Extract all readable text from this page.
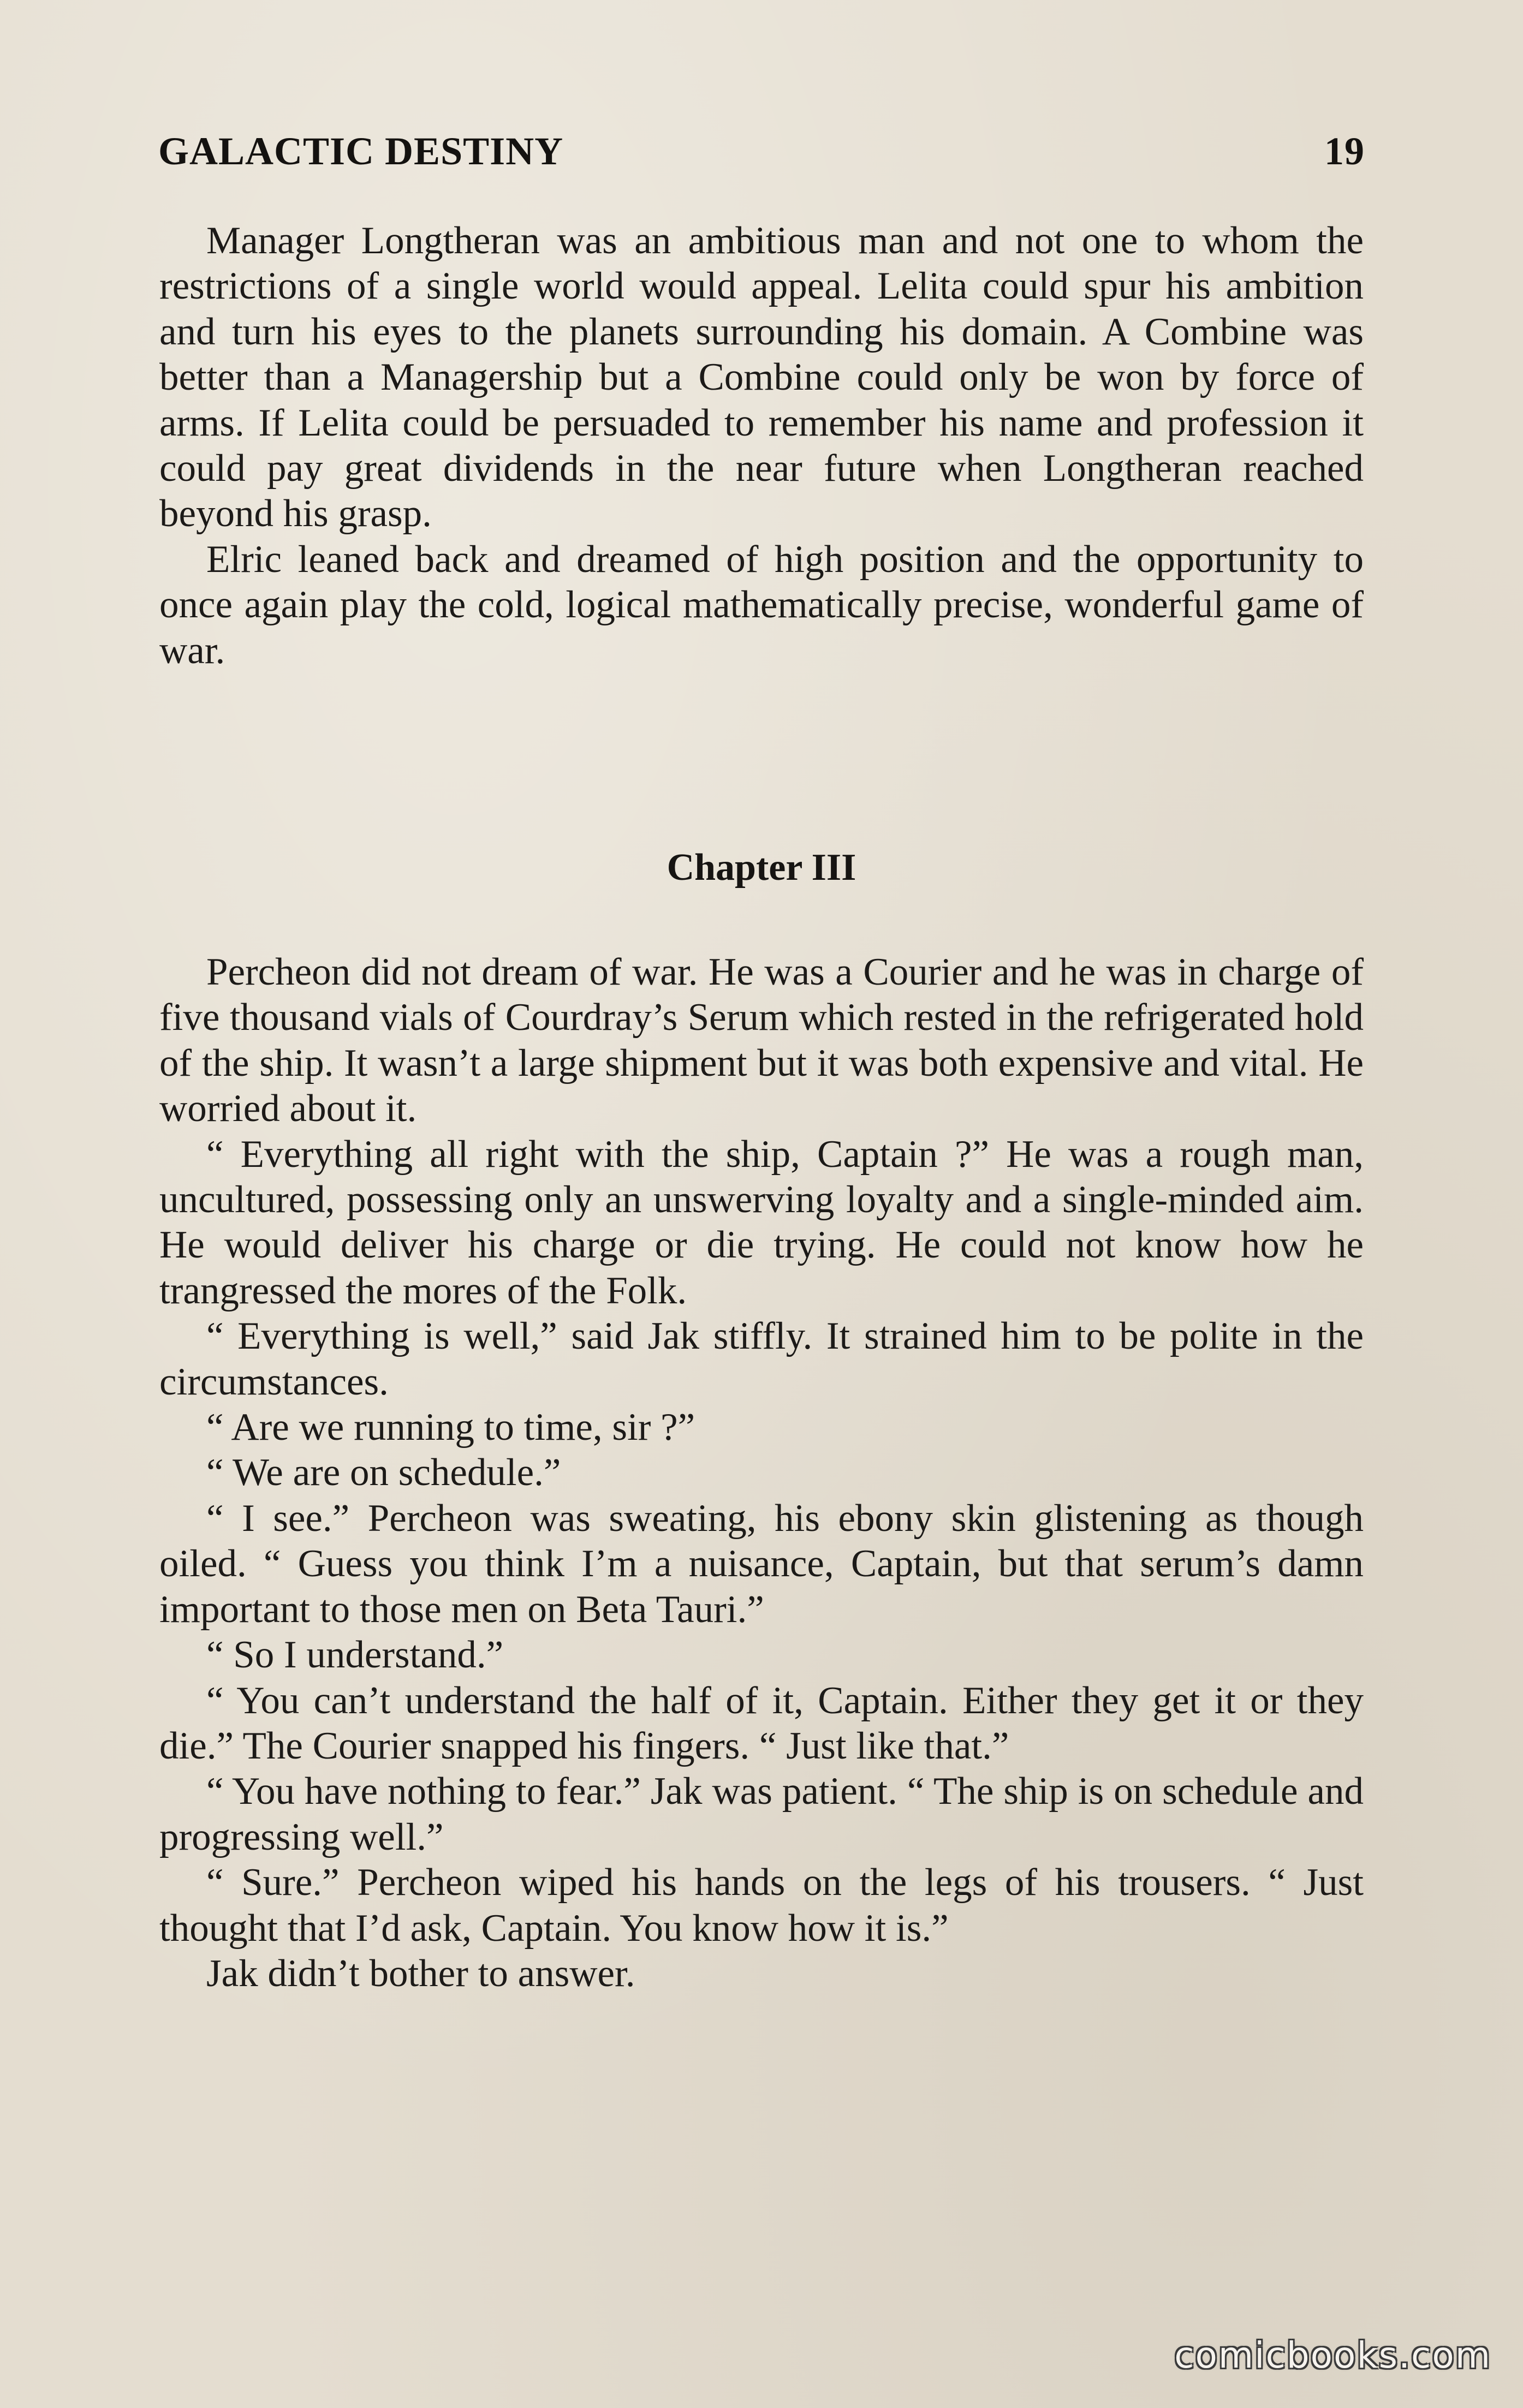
GALACTIC DESTINY	19

Manager Longtheran was an ambitious man and not one to whom the restrictions of a single world would appeal. Lelita could spur his ambition and turn his eyes to the planets surrounding his domain. A Combine was better than a Managership but a Combine could only be won by force of arms. If Lelita could be persuaded to remember his name and profession it could pay great dividends in the near future when Longtheran reached beyond his grasp.

Elric leaned back and dreamed of high position and the opportunity to once again play the cold, logical mathematically precise, wonderful game of war.

Chapter III

Percheon did not dream of war. He was a Courier and he was in charge of five thousand vials of Courdray’s Serum which rested in the refrigerated hold of the ship. It wasn’t a large shipment but it was both expensive and vital. He worried about it.

“ Everything all right with the ship, Captain ?” He was a rough man, uncultured, possessing only an unswerving loyalty and a single-minded aim. He would deliver his charge or die trying. He could not know how he trangressed the mores of the Folk.

“ Everything is well,” said Jak stiffly. It strained him to be polite in the circumstances.

“ Are we running to time, sir ?”

“ We are on schedule.”

“ I see.” Percheon was sweating, his ebony skin glistening as though oiled. “ Guess you think I’m a nuisance, Captain, but that serum’s damn important to those men on Beta Tauri.”

“ So I understand.”

“ You can’t understand the half of it, Captain. Either they get it or they die.” The Courier snapped his fingers. “ Just like that.”

“ You have nothing to fear.” Jak was patient. “ The ship is on schedule and progressing well.”

“ Sure.” Percheon wiped his hands on the legs of his trousers. “ Just thought that I’d ask, Captain. You know how it is.”

Jak didn’t bother to answer.

comicbooks.com
